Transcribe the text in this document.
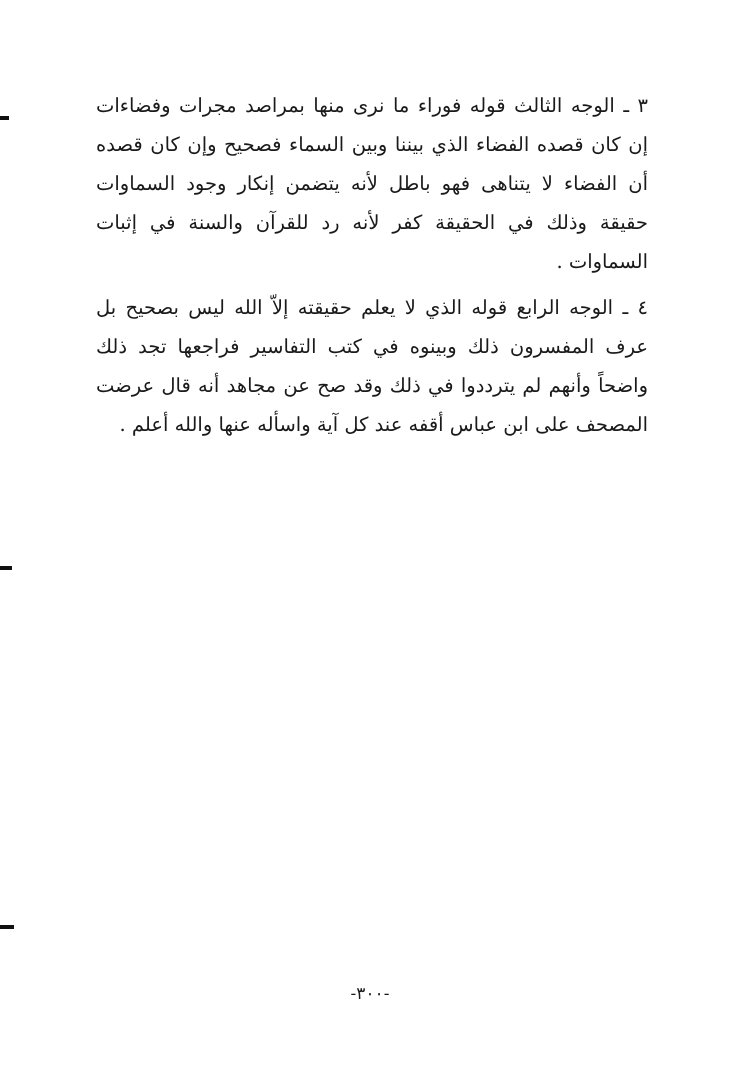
٣ ـ الوجه الثالث قوله فوراء ما نرى منها بمراصد مجرات وفضاءات إن كان قصده الفضاء الذي بيننا وبين السماء فصحيح وإن كان قصده أن الفضاء لا يتناهى فهو باطل لأنه يتضمن إنكار وجود السماوات حقيقة وذلك في الحقيقة كفر لأنه رد للقرآن والسنة في إثبات السماوات .
٤ ـ الوجه الرابع قوله الذي لا يعلم حقيقته إلاّ الله ليس بصحيح بل عرف المفسرون ذلك وبينوه في كتب التفاسير فراجعها تجد ذلك واضحاً وأنهم لم يترددوا في ذلك وقد صح عن مجاهد أنه قال عرضت المصحف على ابن عباس أقفه عند كل آية واسأله عنها والله أعلم .
-٣٠٠-
